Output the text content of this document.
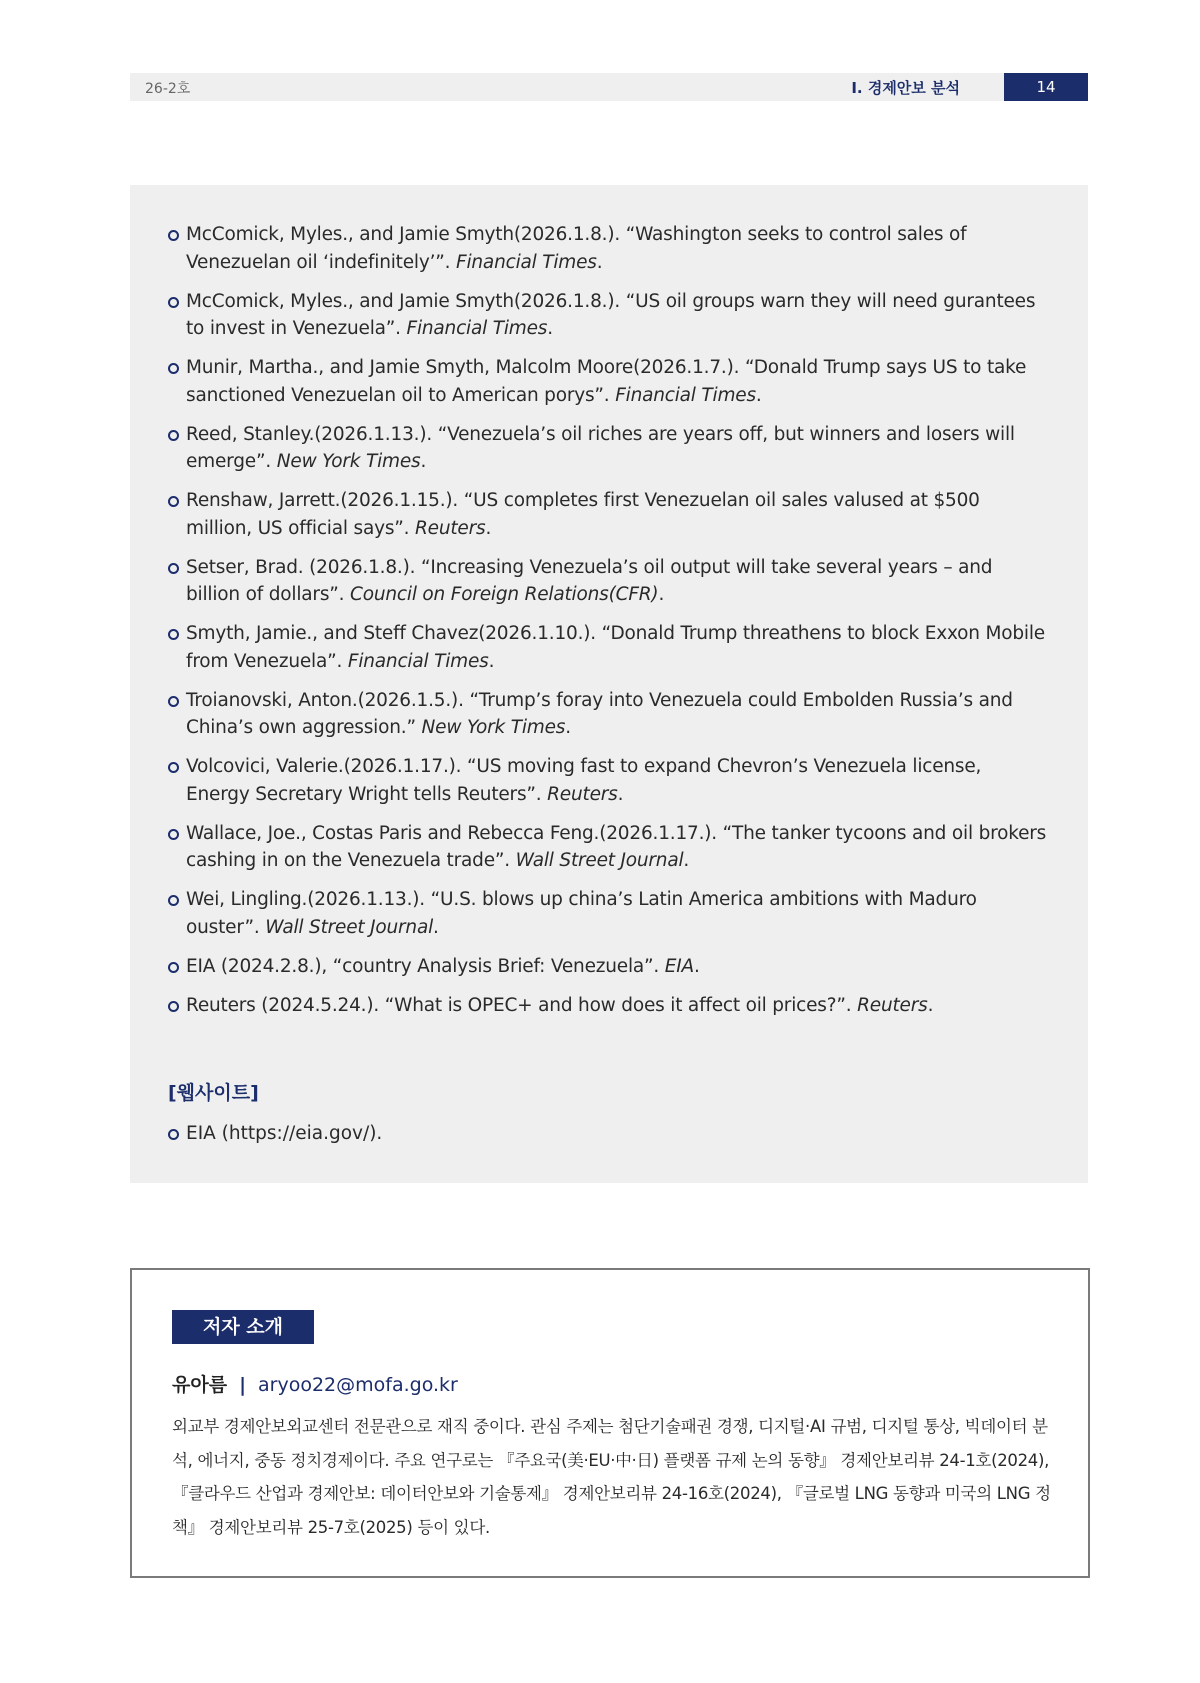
26-2호	Ⅰ. 경제안보 분석	14
McComick, Myles., and Jamie Smyth(2026.1.8.). “Washington seeks to control sales of Venezuelan oil ‘indefinitely’”. Financial Times.
McComick, Myles., and Jamie Smyth(2026.1.8.). “US oil groups warn they will need gurantees to invest in Venezuela”. Financial Times.
Munir, Martha., and Jamie Smyth, Malcolm Moore(2026.1.7.). “Donald Trump says US to take sanctioned Venezuelan oil to American porys”. Financial Times.
Reed, Stanley.(2026.1.13.). “Venezuela’s oil riches are years off, but winners and losers will emerge”. New York Times.
Renshaw, Jarrett.(2026.1.15.). “US completes first Venezuelan oil sales valused at $500 million, US official says”. Reuters.
Setser, Brad. (2026.1.8.). “Increasing Venezuela’s oil output will take several years – and billion of dollars”. Council on Foreign Relations(CFR).
Smyth, Jamie., and Steff Chavez(2026.1.10.). “Donald Trump threathens to block Exxon Mobile from Venezuela”. Financial Times.
Troianovski, Anton.(2026.1.5.). “Trump’s foray into Venezuela could Embolden Russia’s and China’s own aggression.” New York Times.
Volcovici, Valerie.(2026.1.17.). “US moving fast to expand Chevron’s Venezuela license, Energy Secretary Wright tells Reuters”. Reuters.
Wallace, Joe., Costas Paris and Rebecca Feng.(2026.1.17.). “The tanker tycoons and oil brokers cashing in on the Venezuela trade”. Wall Street Journal.
Wei, Lingling.(2026.1.13.). “U.S. blows up china’s Latin America ambitions with Maduro ouster”. Wall Street Journal.
EIA (2024.2.8.), “country Analysis Brief: Venezuela”. EIA.
Reuters (2024.5.24.). “What is OPEC+ and how does it affect oil prices?”. Reuters.
[웹사이트]
EIA (https://eia.gov/).
저자 소개
유아름 | aryoo22@mofa.go.kr
외교부 경제안보외교센터 전문관으로 재직 중이다. 관심 주제는 첨단기술패권 경쟁, 디지털·AI 규범, 디지털 통상, 빅데이터 분석, 에너지, 중동 정치경제이다. 주요 연구로는 『주요국(美·EU·中·日) 플랫폼 규제 논의 동향』 경제안보리뷰 24-1호(2024), 『클라우드 산업과 경제안보: 데이터안보와 기술통제』 경제안보리뷰 24-16호(2024), 『글로벌 LNG 동향과 미국의 LNG 정책』 경제안보리뷰 25-7호(2025) 등이 있다.
